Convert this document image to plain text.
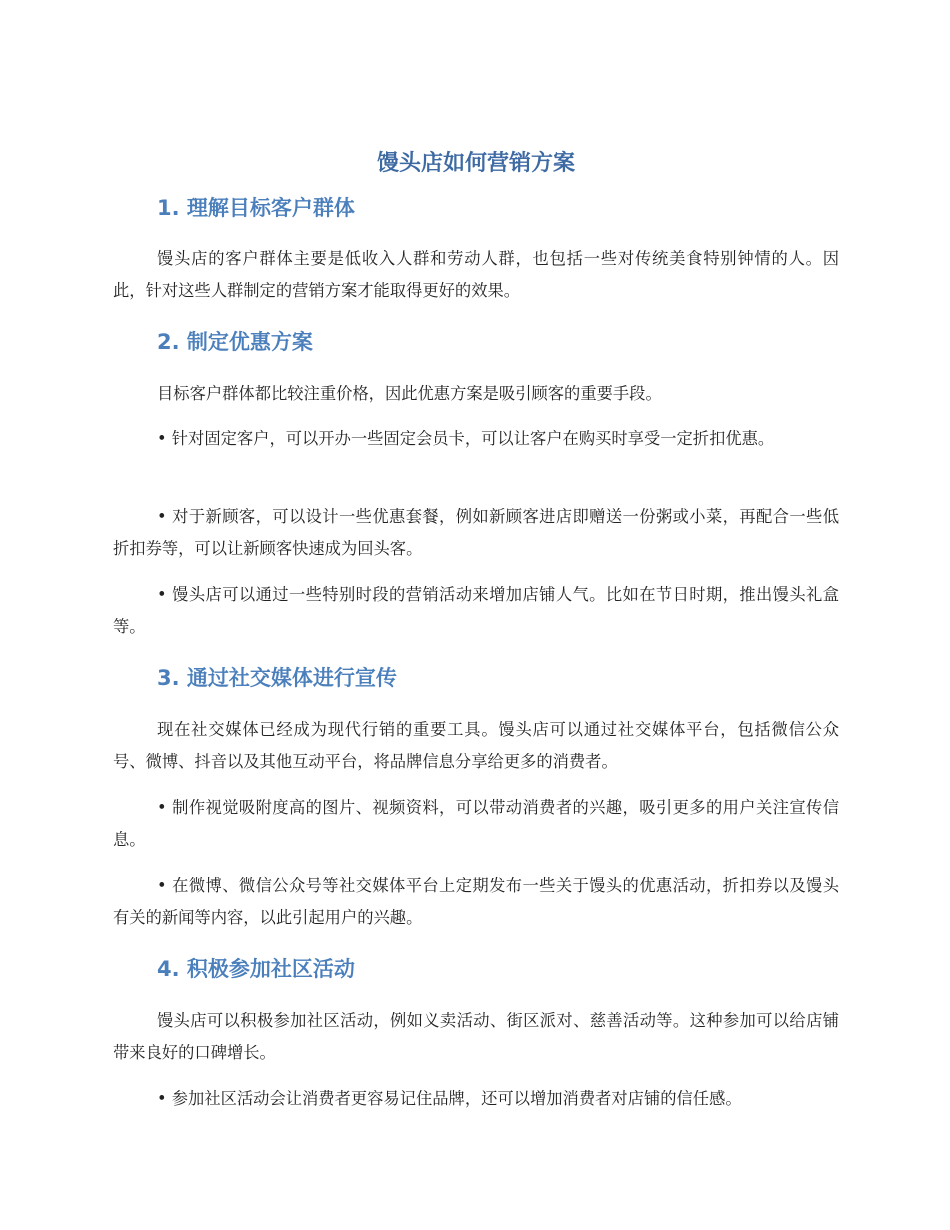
馒头店如何营销方案
1. 理解目标客户群体

馒头店的客户群体主要是低收入人群和劳动人群，也包括一些对传统美食特别钟情的人。因此，针对这些人群制定的营销方案才能取得更好的效果。

2. 制定优惠方案

目标客户群体都比较注重价格，因此优惠方案是吸引顾客的重要手段。

• 针对固定客户，可以开办一些固定会员卡，可以让客户在购买时享受一定折扣优惠。

• 对于新顾客，可以设计一些优惠套餐，例如新顾客进店即赠送一份粥或小菜，再配合一些低折扣券等，可以让新顾客快速成为回头客。

• 馒头店可以通过一些特别时段的营销活动来增加店铺人气。比如在节日时期，推出馒头礼盒等。

3. 通过社交媒体进行宣传

现在社交媒体已经成为现代行销的重要工具。馒头店可以通过社交媒体平台，包括微信公众号、微博、抖音以及其他互动平台，将品牌信息分享给更多的消费者。

• 制作视觉吸附度高的图片、视频资料，可以带动消费者的兴趣，吸引更多的用户关注宣传信息。

• 在微博、微信公众号等社交媒体平台上定期发布一些关于馒头的优惠活动，折扣券以及馒头有关的新闻等内容，以此引起用户的兴趣。

4. 积极参加社区活动

馒头店可以积极参加社区活动，例如义卖活动、街区派对、慈善活动等。这种参加可以给店铺带来良好的口碑增长。

• 参加社区活动会让消费者更容易记住品牌，还可以增加消费者对店铺的信任感。
